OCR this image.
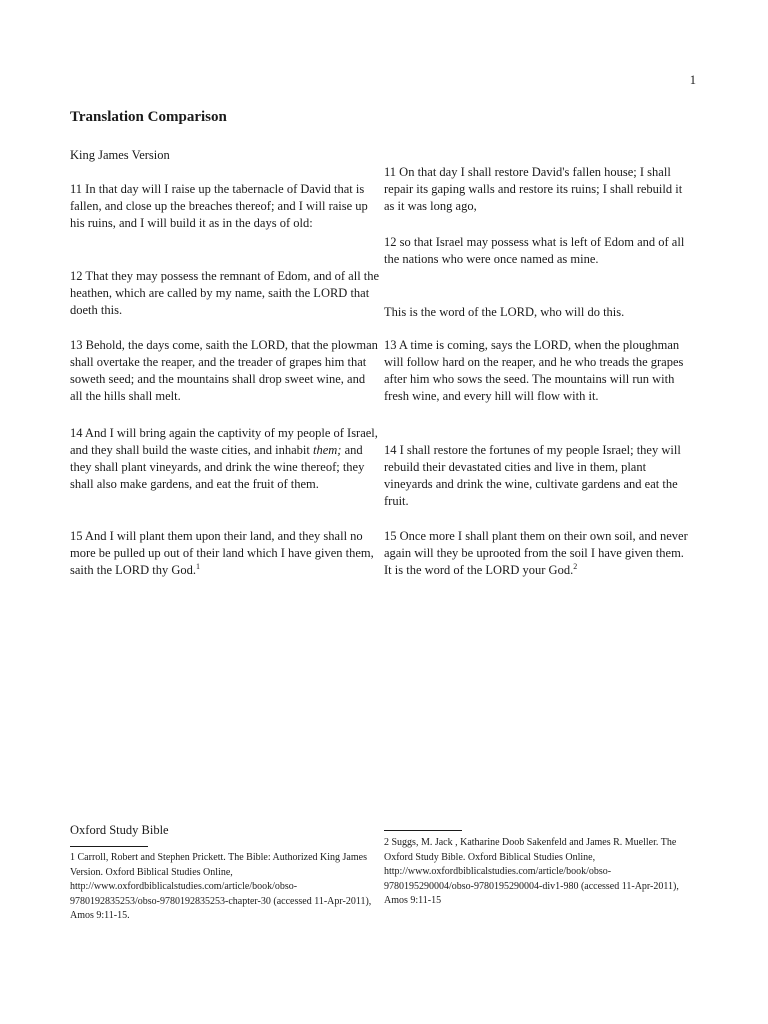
1
Translation Comparison
King James Version

11 In that day will I raise up the tabernacle of David that is fallen, and close up the breaches thereof; and I will raise up his ruins, and I will build it as in the days of old:

12 That they may possess the remnant of Edom, and of all the heathen, which are called by my name, saith the LORD that doeth this.

13 Behold, the days come, saith the LORD, that the plowman shall overtake the reaper, and the treader of grapes him that soweth seed; and the mountains shall drop sweet wine, and all the hills shall melt.

14 And I will bring again the captivity of my people of Israel, and they shall build the waste cities, and inhabit them; and they shall plant vineyards, and drink the wine thereof; they shall also make gardens, and eat the fruit of them.

15 And I will plant them upon their land, and they shall no more be pulled up out of their land which I have given them, saith the LORD thy God.$^1$

11 On that day I shall restore David's fallen house; I shall repair its gaping walls and restore its ruins; I shall rebuild it as it was long ago,

12 so that Israel may possess what is left of Edom and of all the nations who were once named as mine.

This is the word of the LORD, who will do this.

13 A time is coming, says the LORD, when the ploughman will follow hard on the reaper, and he who treads the grapes after him who sows the seed. The mountains will run with fresh wine, and every hill will flow with it.

14 I shall restore the fortunes of my people Israel; they will rebuild their devastated cities and live in them, plant vineyards and drink the wine, cultivate gardens and eat the fruit.

15 Once more I shall plant them on their own soil, and never again will they be uprooted from the soil I have given them. It is the word of the LORD your God.$^2$

Oxford Study Bible

1 Carroll, Robert and Stephen Prickett. The Bible: Authorized King James Version. Oxford Biblical Studies Online, http://www.oxfordbiblicalstudies.com/article/book/obso-9780192835253/obso-9780192835253-chapter-30 (accessed 11-Apr-2011), Amos 9:11-15.

2 Suggs, M. Jack , Katharine Doob Sakenfeld and James R. Mueller. The Oxford Study Bible. Oxford Biblical Studies Online, http://www.oxfordbiblicalstudies.com/article/book/obso-9780195290004/obso-9780195290004-div1-980 (accessed 11-Apr-2011), Amos 9:11-15
